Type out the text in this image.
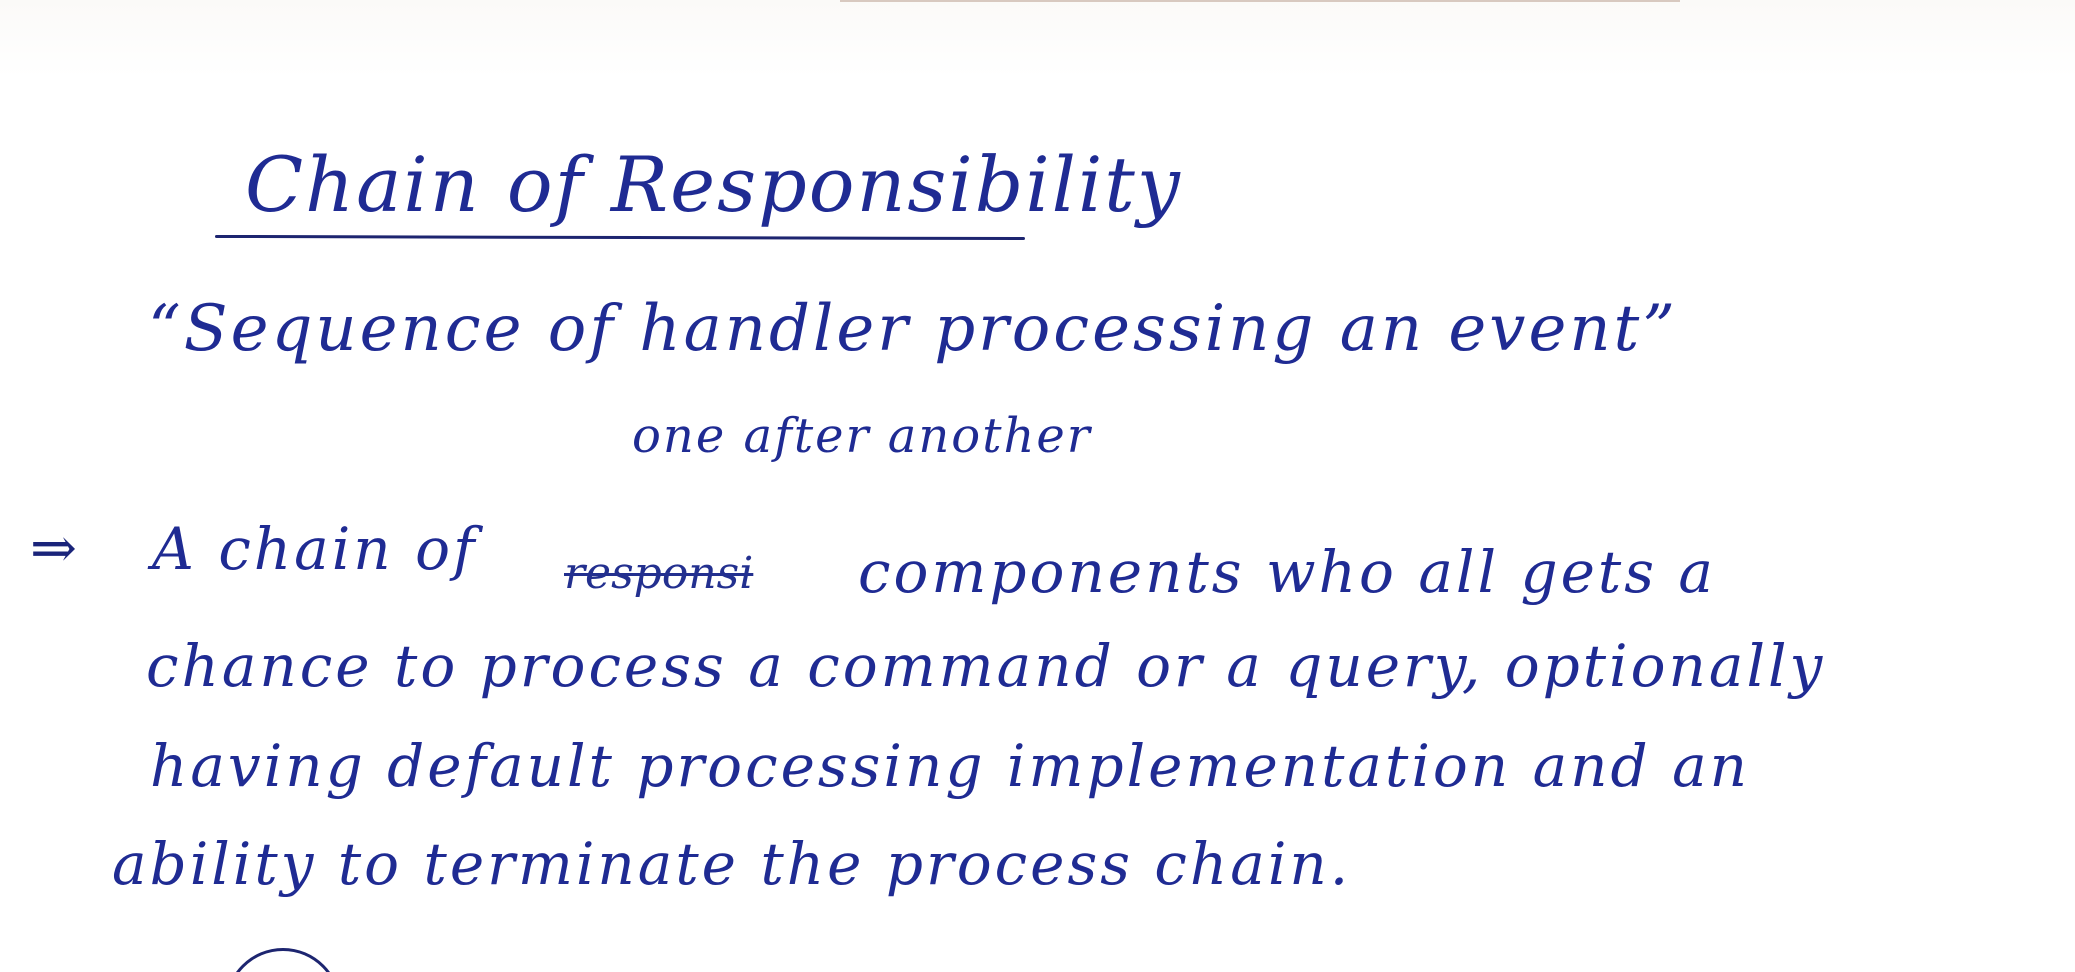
Chain of Responsibility
“Sequence of handler processing an event”
one after another
⇒ A chain of responsi components who all gets a
chance to process a command or a query, optionally
having default processing implementation and an
ability to terminate the process chain.
